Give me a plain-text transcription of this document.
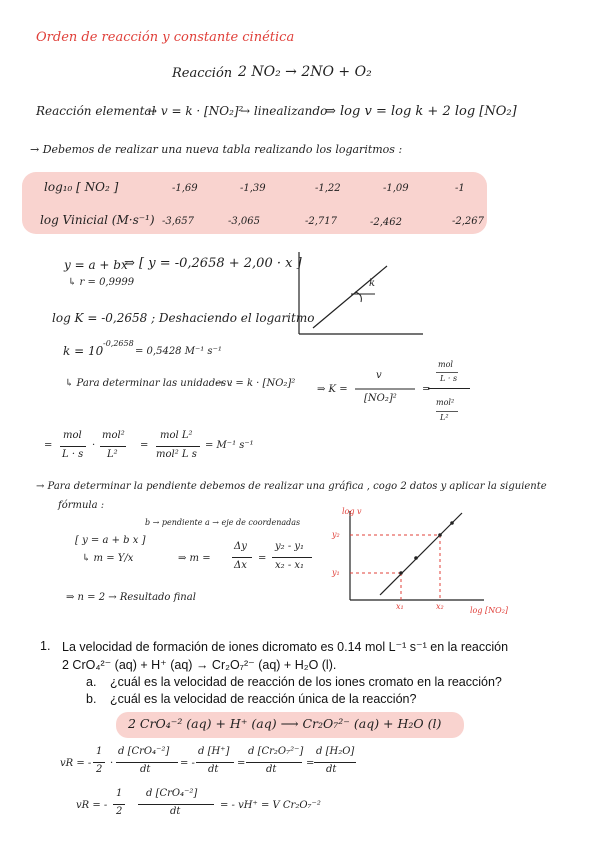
Orden de reacción y constante cinética
Reacción 2 NO₂ → 2NO + O₂
Reacción elemental
→ v = k · [NO₂]²
→ linealizando
⇒ log v = log k + 2 log [NO₂]
→ Debemos de realizar una nueva tabla realizando los logaritmos :
log₁₀ [ NO₂ ]	-1,69	-1,39	-1,22	-1,09	-1
log Vinicial (M·s⁻¹) -3,657	-3,065	-2,717	-2,462	-2,267
y = a + bx
⇒ [ y = -0,2658 + 2,00 · x ]
↳ r = 0,9999	k
log K = -0,2658 ; Deshaciendo el logaritmo
k = 10
-0,2658
= 0,5428 M⁻¹ s⁻¹
↳ Para determinar las unidades :
→ v = k · [NO₂]²
⇒ K =
v
[NO₂]²
=
mol
L · s
mol²
L²
=
mol
L · s
·
mol²
L²
=
mol L²
mol² L s
= M⁻¹ s⁻¹
→ Para determinar la pendiente debemos de realizar una gráfica , cogo 2 datos y aplicar la siguiente
fórmula :
b → pendiente a → eje de coordenadas
[ y = a + b x ]
↳ m = Y/x	⇒ m =
Δy
Δx
=
y₂ - y₁
x₂ - x₁
⇒ n = 2 → Resultado final
log v
log [NO₂]
y₂
y₁
x₁	x₂
1. La velocidad de formación de iones dicromato es 0.14 mol L⁻¹ s⁻¹ en la reacción
2 CrO₄²⁻ (aq) + H⁺ (aq) → Cr₂O₇²⁻ (aq) + H₂O (l).
a. ¿cuál es la velocidad de reacción de los iones cromato en la reacción?
b. ¿cuál es la velocidad de reacción única de la reacción?
2 CrO₄⁻² (aq) + H⁺ (aq) ⟶ Cr₂O₇²⁻ (aq) + H₂O (l)
vR = -
1
2
·
d [CrO₄⁻²]
dt
= -
d [H⁺]
dt
=
d [Cr₂O₇²⁻]
dt
=
d [H₂O]
dt
vR = -
1
2
d [CrO₄⁻²]
dt
= - vH⁺ = V Cr₂O₇⁻²
